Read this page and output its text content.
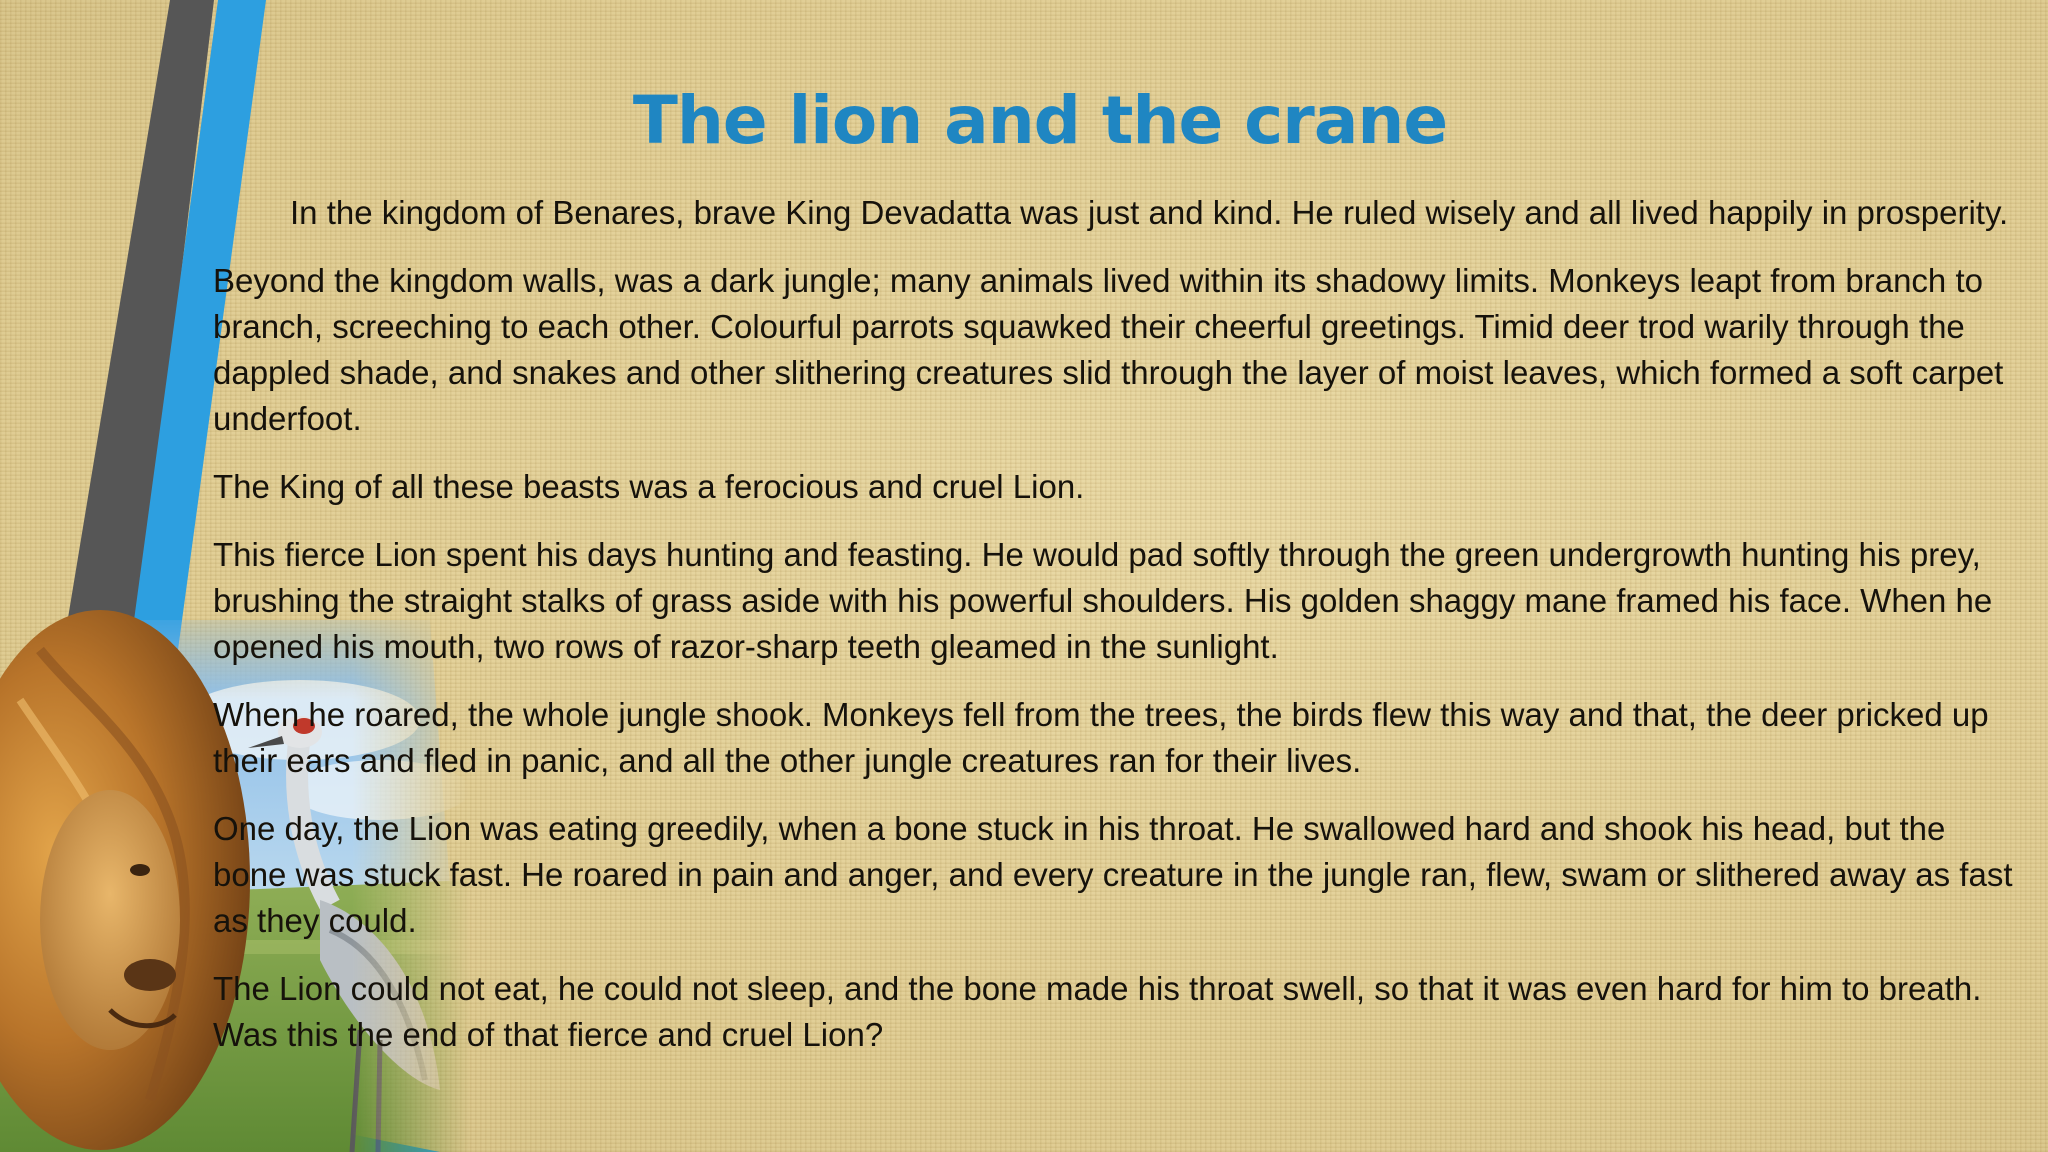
The lion and the crane

In the kingdom of Benares, brave King Devadatta was just and kind. He ruled wisely and all lived happily in prosperity.

Beyond the kingdom walls, was a dark jungle; many animals lived within its shadowy limits. Monkeys leapt from branch to branch, screeching to each other. Colourful parrots squawked their cheerful greetings. Timid deer trod warily through the dappled shade, and snakes and other slithering creatures slid through the layer of moist leaves, which formed a soft carpet underfoot.

The King of all these beasts was a ferocious and cruel Lion.

This fierce Lion spent his days hunting and feasting. He would pad softly through the green undergrowth hunting his prey, brushing the straight stalks of grass aside with his powerful shoulders. His golden shaggy mane framed his face. When he opened his mouth, two rows of razor-sharp teeth gleamed in the sunlight.

When he roared, the whole jungle shook. Monkeys fell from the trees, the birds flew this way and that, the deer pricked up their ears and fled in panic, and all the other jungle creatures ran for their lives.

One day, the Lion was eating greedily, when a bone stuck in his throat. He swallowed hard and shook his head, but the bone was stuck fast. He roared in pain and anger, and every creature in the jungle ran, flew, swam or slithered away as fast as they could.

The Lion could not eat, he could not sleep, and the bone made his throat swell, so that it was even hard for him to breath. Was this the end of that fierce and cruel Lion?
